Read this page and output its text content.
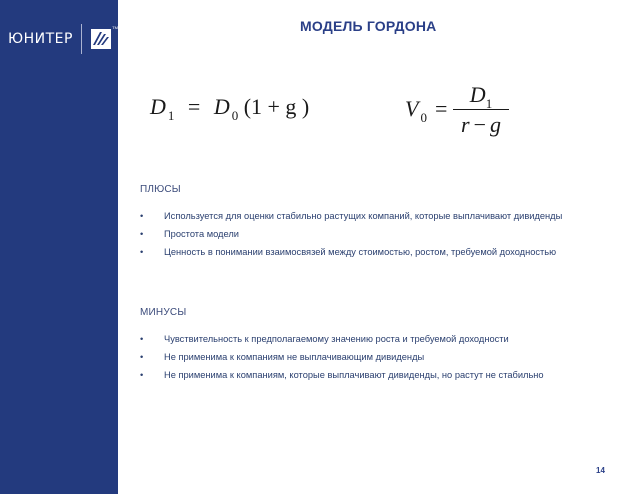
ЮНИТЕР
TM	МОДЕЛЬ ГОРДОНА
D $_1$ = D $_0$ (1 + g )	V $_0$ =
$D_1$
r − g
ПЛЮСЫ
• Используется для оценки стабильно растущих компаний, которые выплачивают дивиденды
• Простота модели
• Ценность в понимании взаимосвязей между стоимостью, ростом, требуемой доходностью
МИНУСЫ
• Чувствительность к предполагаемому значению роста и требуемой доходности
• Не применима к компаниям не выплачивающим дивиденды
• Не применима к компаниям, которые выплачивают дивиденды, но растут не стабильно
14
